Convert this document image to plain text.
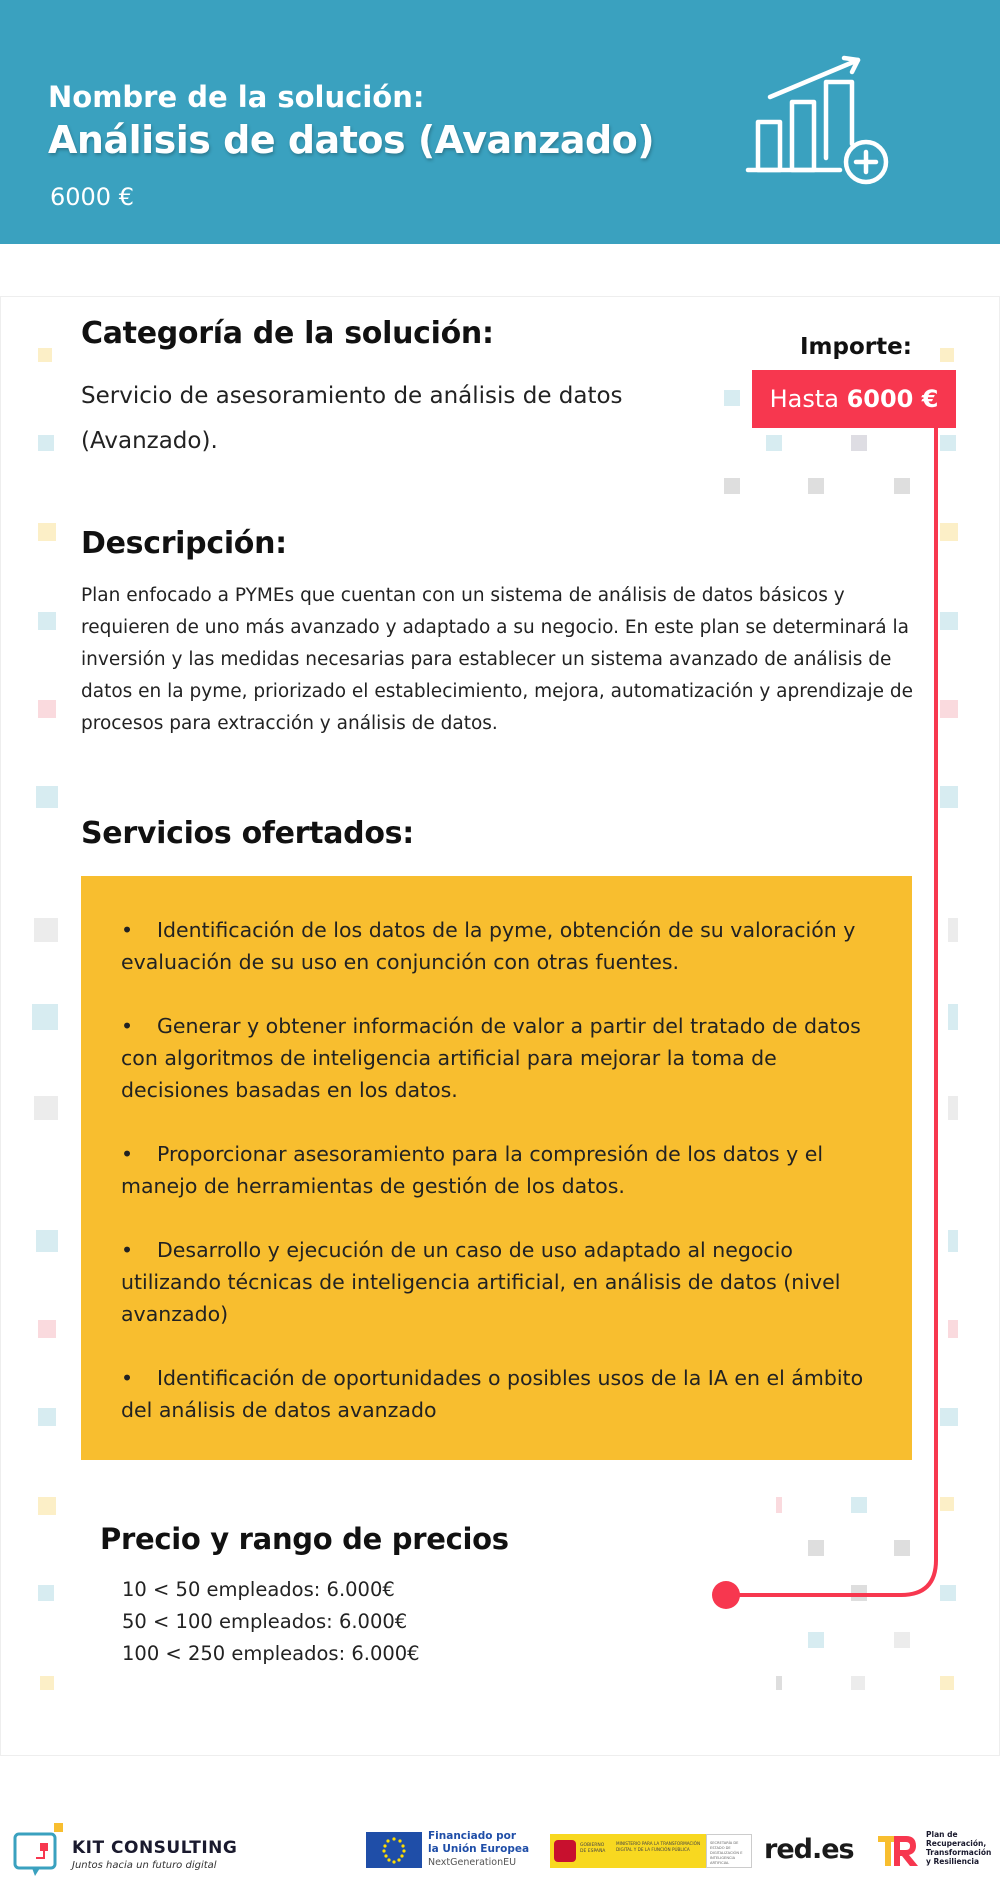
Nombre de la solución:
Análisis de datos (Avanzado)
6000 €
Categoría de la solución:
Servicio de asesoramiento de análisis de datos (Avanzado).
Importe:
Hasta 6000 €
Descripción:
Plan enfocado a PYMEs que cuentan con un sistema de análisis de datos básicos y requieren de uno más avanzado y adaptado a su negocio. En este plan se determinará la inversión y las medidas necesarias para establecer un sistema avanzado de análisis de datos en la pyme, priorizado el establecimiento, mejora, automatización y aprendizaje de procesos para extracción y análisis de datos.
Servicios ofertados:
• Identificación de los datos de la pyme, obtención de su valoración y evaluación de su uso en conjunción con otras fuentes.
• Generar y obtener información de valor a partir del tratado de datos con algoritmos de inteligencia artificial para mejorar la toma de decisiones basadas en los datos.
• Proporcionar asesoramiento para la compresión de los datos y el manejo de herramientas de gestión de los datos.
• Desarrollo y ejecución de un caso de uso adaptado al negocio utilizando técnicas de inteligencia artificial, en análisis de datos (nivel avanzado)
• Identificación de oportunidades o posibles usos de la IA en el ámbito del análisis de datos avanzado
Precio y rango de precios
10 < 50 empleados: 6.000€
50 < 100 empleados: 6.000€
100 < 250 empleados: 6.000€
KIT CONSULTING
Juntos hacia un futuro digital
Financiado por
la Unión Europea
NextGenerationEU
GOBIERNO DE ESPAÑA
MINISTERIO PARA LA TRANSFORMACIÓN DIGITAL Y DE LA FUNCIÓN PÚBLICA
SECRETARÍA DE ESTADO DE DIGITALIZACIÓN E INTELIGENCIA ARTIFICIAL	red.es	Plan de
Recuperación,
Transformación
y Resiliencia
